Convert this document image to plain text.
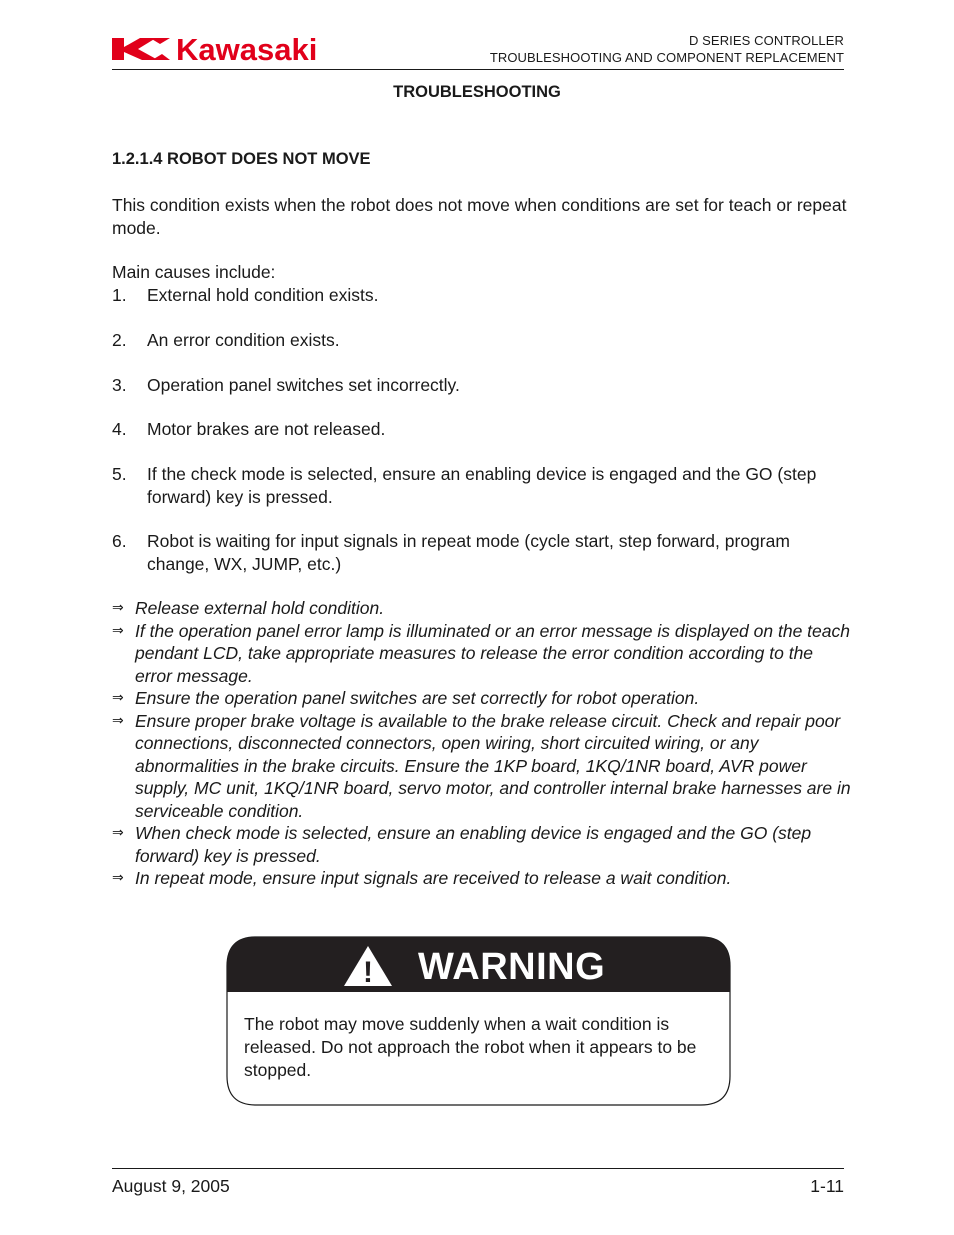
Kawasaki	D SERIES CONTROLLER
TROUBLESHOOTING AND COMPONENT REPLACEMENT
TROUBLESHOOTING
1.2.1.4 ROBOT DOES NOT MOVE
This condition exists when the robot does not move when conditions are set for teach or repeat mode.
Main causes include:
1. External hold condition exists.
2. An error condition exists.
3. Operation panel switches set incorrectly.
4. Motor brakes are not released.
5. If the check mode is selected, ensure an enabling device is engaged and the GO (step forward) key is pressed.
6. Robot is waiting for input signals in repeat mode (cycle start, step forward, program change, WX, JUMP, etc.)
⇒ Release external hold condition.
⇒ If the operation panel error lamp is illuminated or an error message is displayed on the teach pendant LCD, take appropriate measures to release the error condition according to the error message.
⇒ Ensure the operation panel switches are set correctly for robot operation.
⇒ Ensure proper brake voltage is available to the brake release circuit. Check and repair poor connections, disconnected connectors, open wiring, short circuited wiring, or any abnormalities in the brake circuits. Ensure the 1KP board, 1KQ/1NR board, AVR power supply, MC unit, 1KQ/1NR board, servo motor, and controller internal brake harnesses are in serviceable condition.
⇒ When check mode is selected, ensure an enabling device is engaged and the GO (step forward) key is pressed.
⇒ In repeat mode, ensure input signals are received to release a wait condition.
! WARNING
The robot may move suddenly when a wait condition is released. Do not approach the robot when it appears to be stopped.
August 9, 2005	1-11
